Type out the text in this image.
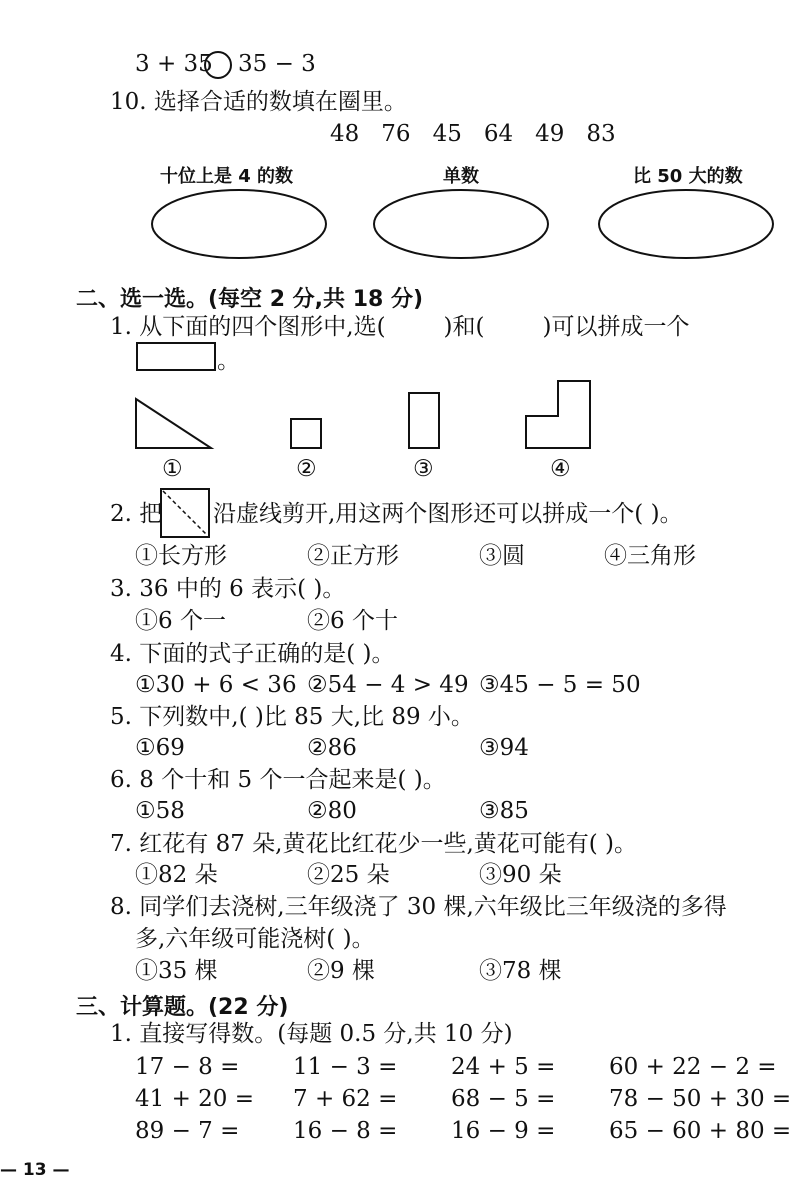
3 + 35 35 − 3
10. 选择合适的数填在圈里。
48 76 45 64 49 83
十位上是 4 的数	单数	比 50 大的数
二、选一选。(每空 2 分,共 18 分)
1. 从下面的四个图形中,选(	)和(	)可以拼成一个
。
①	②	③	④
2. 把 沿虚线剪开,用这两个图形还可以拼成一个( )。
①长方形	②正方形	③圆	④三角形
3. 36 中的 6 表示( )。
①6 个一	②6 个十
4. 下面的式子正确的是( )。
①30 + 6 < 36 ②54 − 4 > 49 ③45 − 5 = 50
5. 下列数中,( )比 85 大,比 89 小。
①69	②86	③94
6. 8 个十和 5 个一合起来是( )。
①58	②80	③85
7. 红花有 87 朵,黄花比红花少一些,黄花可能有( )。
①82 朵	②25 朵	③90 朵
8. 同学们去浇树,三年级浇了 30 棵,六年级比三年级浇的多得
多,六年级可能浇树( )。
①35 棵	②9 棵	③78 棵
三、计算题。(22 分)
1. 直接写得数。(每题 0.5 分,共 10 分)
17 − 8 =	11 − 3 =	24 + 5 =	60 + 22 − 2 =
41 + 20 =	7 + 62 =	68 − 5 =	78 − 50 + 30 =
89 − 7 =	16 − 8 =	16 − 9 =	65 − 60 + 80 =
— 13 —
